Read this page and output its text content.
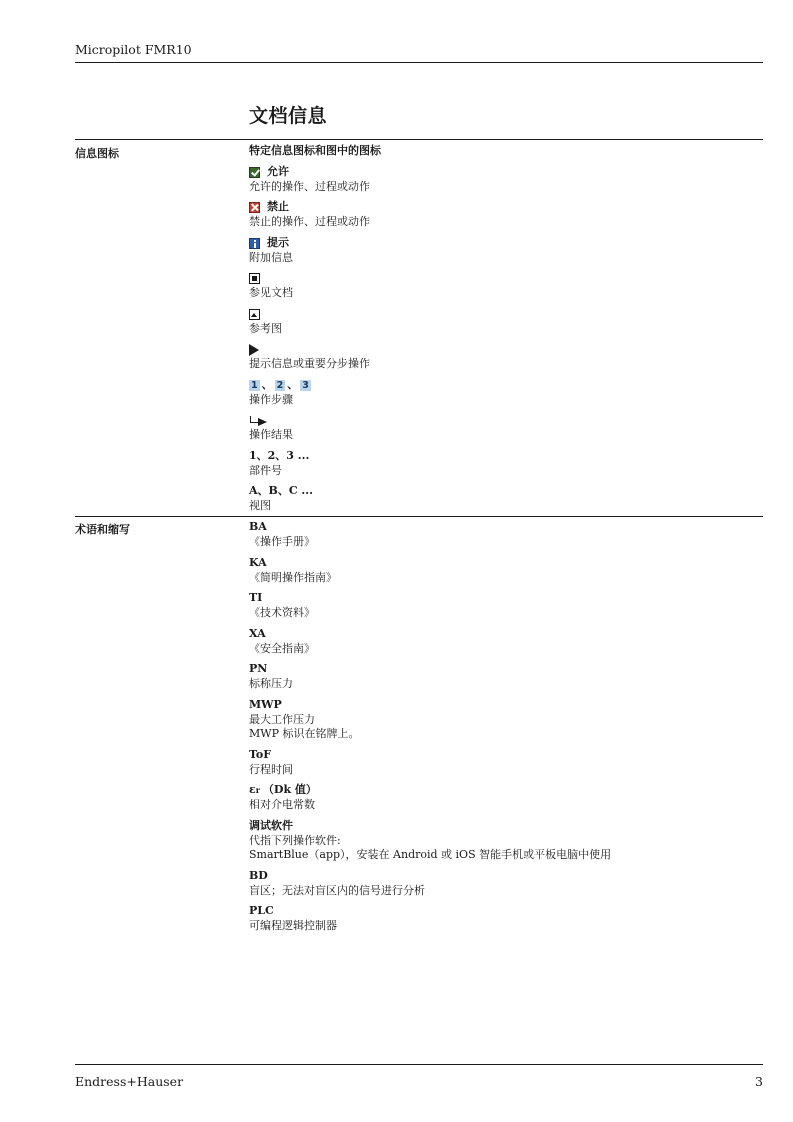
Micropilot FMR10
文档信息
信息图标	特定信息图标和图中的图标
允许
允许的操作、过程或动作
禁止
禁止的操作、过程或动作
提示
附加信息
参见文档
参考图
提示信息或重要分步操作
1 、 2 、 3
操作步骤
操作结果
1、2、3 ...
部件号
A、B、C ...
视图
术语和缩写	BA
《操作手册》
KA
《简明操作指南》
TI
《技术资料》
XA
《安全指南》
PN
标称压力
MWP
最大工作压力
MWP 标识在铭牌上。
ToF
行程时间
ε r （Dk 值）
相对介电常数
调试软件
代指下列操作软件:
SmartBlue（app），安装在 Android 或 iOS 智能手机或平板电脑中使用
BD
盲区；无法对盲区内的信号进行分析
PLC
可编程逻辑控制器
Endress+Hauser	3
